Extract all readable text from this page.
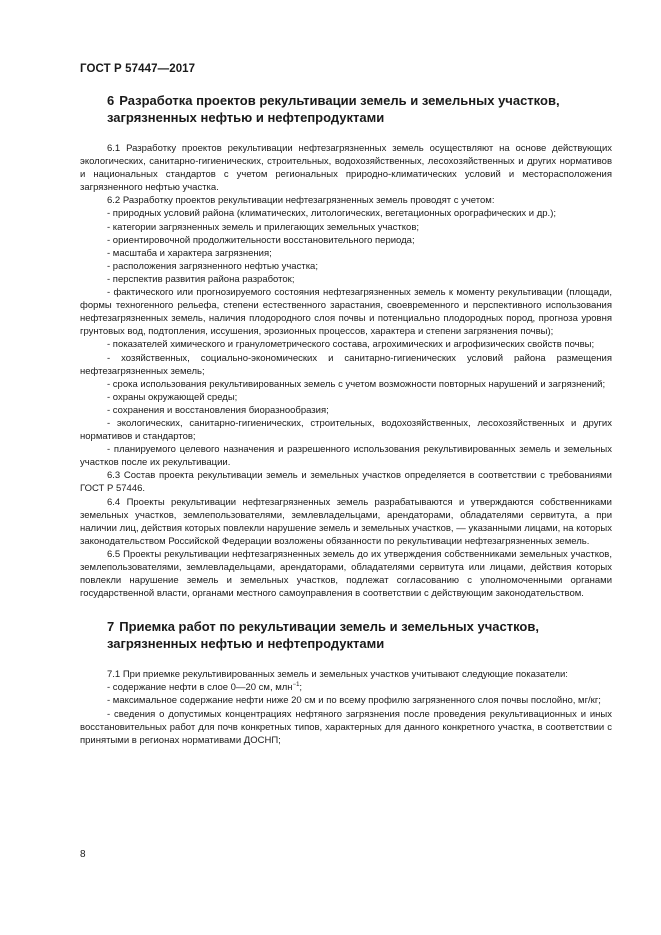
ГОСТ Р 57447—2017
6 Разработка проектов рекультивации земель и земельных участков,
загрязненных нефтью и нефтепродуктами

6.1 Разработку проектов рекультивации нефтезагрязненных земель осуществляют на основе действующих экологических, санитарно-гигиенических, строительных, водохозяйственных, лесохозяйственных и других нормативов и национальных стандартов с учетом региональных природно-климатических условий и месторасположения загрязненного нефтью участка.

6.2 Разработку проектов рекультивации нефтезагрязненных земель проводят с учетом:

- природных условий района (климатических, литологических, вегетационных орографических и др.);

- категории загрязненных земель и прилегающих земельных участков;

- ориентировочной продолжительности восстановительного периода;

- масштаба и характера загрязнения;

- расположения загрязненного нефтью участка;

- перспектив развития района разработок;

- фактического или прогнозируемого состояния нефтезагрязненных земель к моменту рекультивации (площади, формы техногенного рельефа, степени естественного зарастания, своевременного и перспективного использования нефтезагрязненных земель, наличия плодородного слоя почвы и потенциально плодородных пород, прогноза уровня грунтовых вод, подтопления, иссушения, эрозионных процессов, характера и степени загрязнения почвы);

- показателей химического и гранулометрического состава, агрохимических и агрофизических свойств почвы;

- хозяйственных, социально-экономических и санитарно-гигиенических условий района размещения нефтезагрязненных земель;

- срока использования рекультивированных земель с учетом возможности повторных нарушений и загрязнений;

- охраны окружающей среды;

- сохранения и восстановления биоразнообразия;

- экологических, санитарно-гигиенических, строительных, водохозяйственных, лесохозяйственных и других нормативов и стандартов;

- планируемого целевого назначения и разрешенного использования рекультивированных земель и земельных участков после их рекультивации.

6.3 Состав проекта рекультивации земель и земельных участков определяется в соответствии с требованиями ГОСТ Р 57446.

6.4 Проекты рекультивации нефтезагрязненных земель разрабатываются и утверждаются собственниками земельных участков, землепользователями, землевладельцами, арендаторами, обладателями сервитута, а при наличии лиц, действия которых повлекли нарушение земель и земельных участков, — указанными лицами, на которых законодательством Российской Федерации возложены обязанности по рекультивации нефтезагрязненных земель.

6.5 Проекты рекультивации нефтезагрязненных земель до их утверждения собственниками земельных участков, землепользователями, землевладельцами, арендаторами, обладателями сервитута или лицами, действия которых повлекли нарушение земель и земельных участков, подлежат согласованию с уполномоченными органами государственной власти, органами местного самоуправления в соответствии с действующим законодательством.

7 Приемка работ по рекультивации земель и земельных участков,
загрязненных нефтью и нефтепродуктами

7.1 При приемке рекультивированных земель и земельных участков учитывают следующие показатели:

- содержание нефти в слое 0—20 см, млн$^{-1}$;

- максимальное содержание нефти ниже 20 см и по всему профилю загрязненного слоя почвы послойно, мг/кг;

- сведения о допустимых концентрациях нефтяного загрязнения после проведения рекультивационных и иных восстановительных работ для почв конкретных типов, характерных для данного конкретного участка, в соответствии с принятыми в регионах нормативами ДОСНП;

8
